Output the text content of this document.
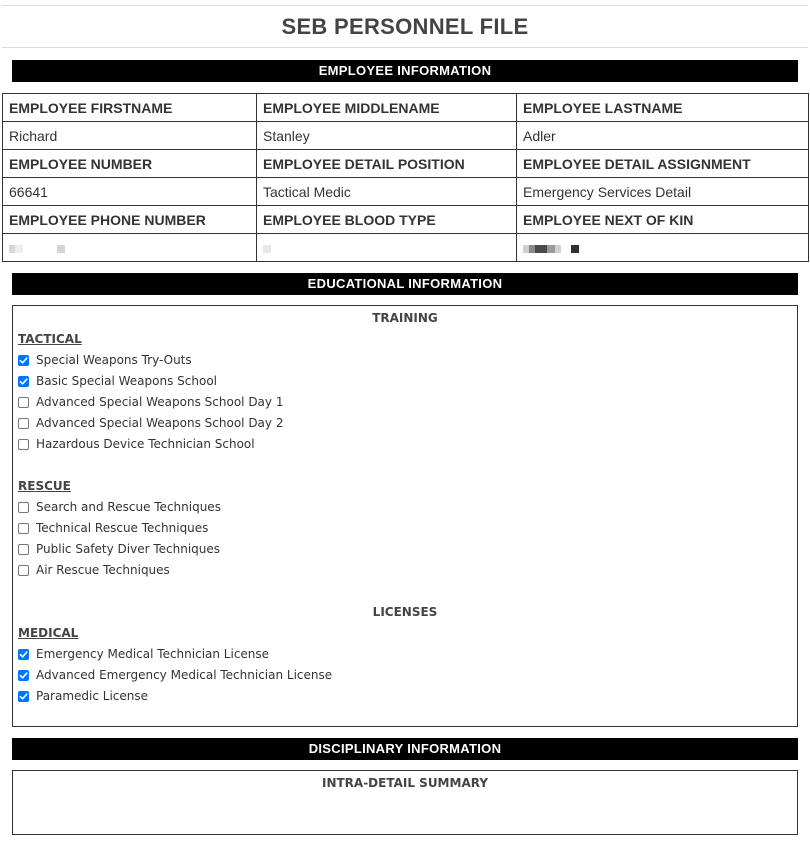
SEB PERSONNEL FILE
EMPLOYEE INFORMATION
EMPLOYEE FIRSTNAME	EMPLOYEE MIDDLENAME	EMPLOYEE LASTNAME
Richard	Stanley	Adler
EMPLOYEE NUMBER	EMPLOYEE DETAIL POSITION	EMPLOYEE DETAIL ASSIGNMENT
66641	Tactical Medic	Emergency Services Detail
EMPLOYEE PHONE NUMBER	EMPLOYEE BLOOD TYPE	EMPLOYEE NEXT OF KIN

EDUCATIONAL INFORMATION
TRAINING
TACTICAL
Special Weapons Try-Outs
Basic Special Weapons School
Advanced Special Weapons School Day 1
Advanced Special Weapons School Day 2
Hazardous Device Technician School
RESCUE
Search and Rescue Techniques
Technical Rescue Techniques
Public Safety Diver Techniques
Air Rescue Techniques
LICENSES
MEDICAL
Emergency Medical Technician License
Advanced Emergency Medical Technician License
Paramedic License
DISCIPLINARY INFORMATION
INTRA-DETAIL SUMMARY
